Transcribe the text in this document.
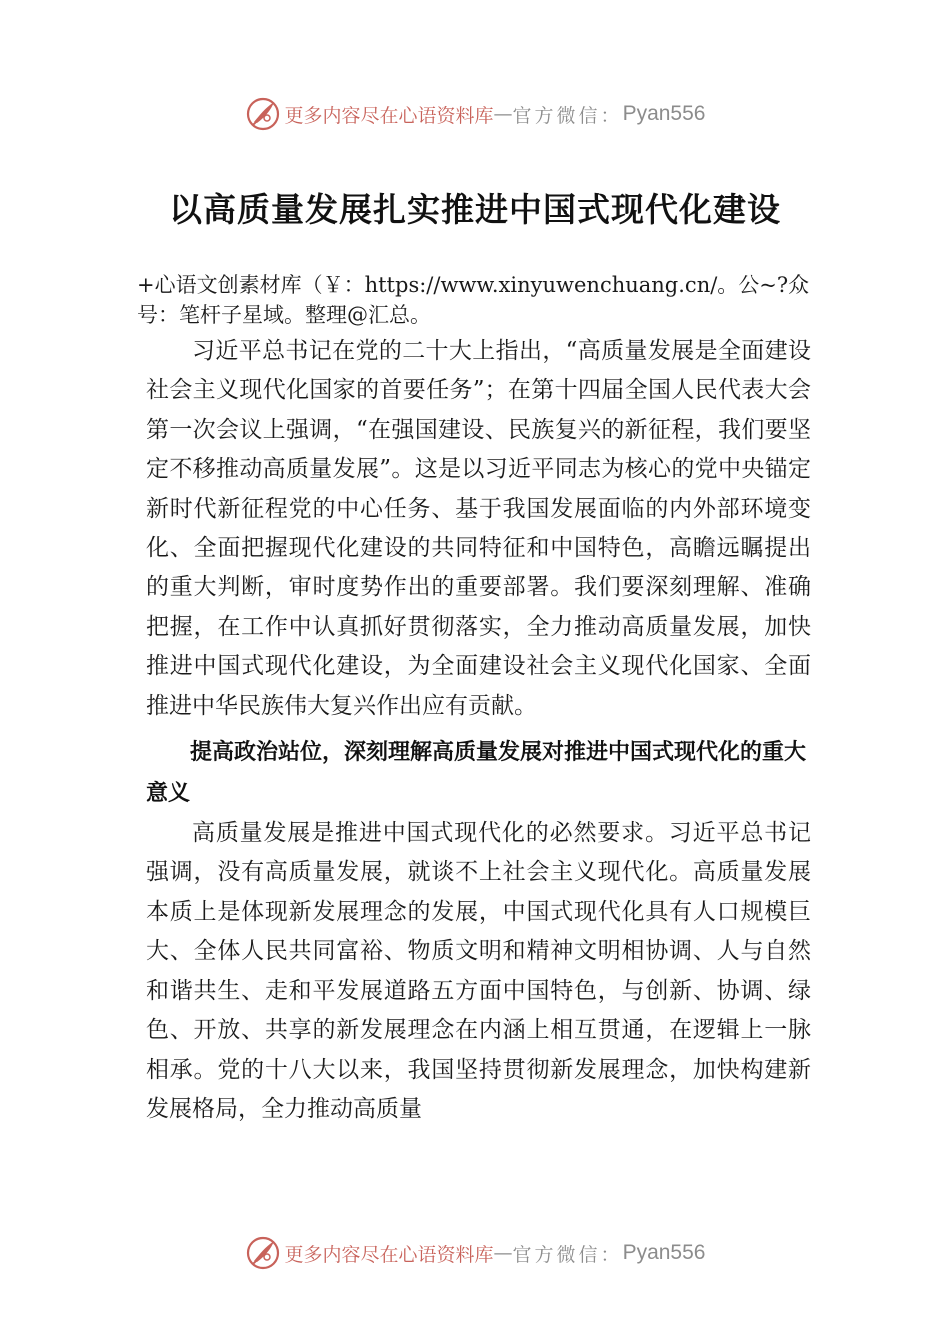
更多内容尽在心语资料库 — 官方微信： Pyan556
以高质量发展扎实推进中国式现代化建设
+心语文创素材库（￥：https://www.xinyuwenchuang.cn/。公~?众号：笔杆子星域。整理@汇总。

习近平总书记在党的二十大上指出，“高质量发展是全面建设社会主义现代化国家的首要任务”；在第十四届全国人民代表大会第一次会议上强调，“在强国建设、民族复兴的新征程，我们要坚定不移推动高质量发展”。这是以习近平同志为核心的党中央锚定新时代新征程党的中心任务、基于我国发展面临的内外部环境变化、全面把握现代化建设的共同特征和中国特色，高瞻远瞩提出的重大判断，审时度势作出的重要部署。我们要深刻理解、准确把握，在工作中认真抓好贯彻落实，全力推动高质量发展，加快推进中国式现代化建设，为全面建设社会主义现代化国家、全面推进中华民族伟大复兴作出应有贡献。

提高政治站位，深刻理解高质量发展对推进中国式现代化的重大意义

高质量发展是推进中国式现代化的必然要求。习近平总书记强调，没有高质量发展，就谈不上社会主义现代化。高质量发展本质上是体现新发展理念的发展，中国式现代化具有人口规模巨大、全体人民共同富裕、物质文明和精神文明相协调、人与自然和谐共生、走和平发展道路五方面中国特色，与创新、协调、绿色、开放、共享的新发展理念在内涵上相互贯通，在逻辑上一脉相承。党的十八大以来，我国坚持贯彻新发展理念，加快构建新发展格局，全力推动高质量

更多内容尽在心语资料库 — 官方微信： Pyan556
